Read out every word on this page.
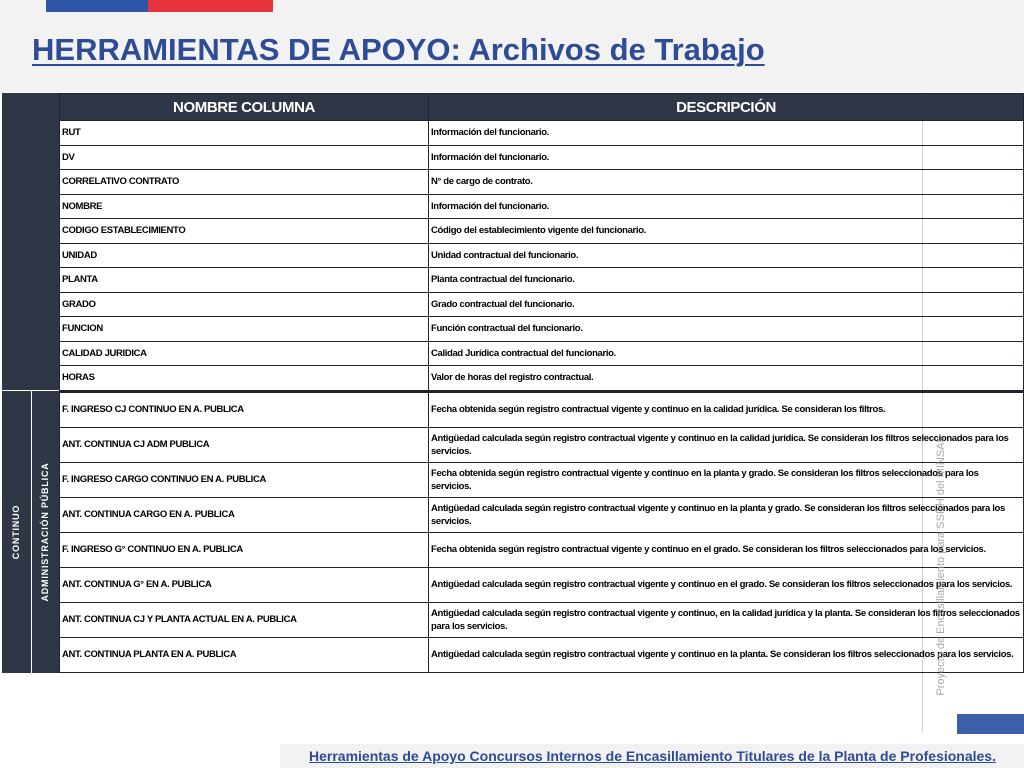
HERRAMIENTAS DE APOYO: Archivos de Trabajo
CONTINUO ADMINISTRACIÓN PÚBLICA
NOMBRE COLUMNA	DESCRIPCIÓN
RUT	Información del funcionario.
DV	Información del funcionario.
CORRELATIVO CONTRATO	N° de cargo de contrato.
NOMBRE	Información del funcionario.
CODIGO ESTABLECIMIENTO	Código del establecimiento vigente del funcionario.
UNIDAD	Unidad contractual del funcionario.
PLANTA	Planta contractual del funcionario.
GRADO	Grado contractual del funcionario.
FUNCION	Función contractual del funcionario.
CALIDAD JURIDICA	Calidad Jurídica contractual del funcionario.
HORAS	Valor de horas del registro contractual.
F. INGRESO CJ CONTINUO EN A. PUBLICA	Fecha obtenida según registro contractual vigente y continuo en la calidad jurídica. Se consideran los filtros.
ANT. CONTINUA CJ ADM PUBLICA	Antigüedad calculada según registro contractual vigente y continuo en la calidad jurídica. Se consideran los filtros seleccionados para los servicios.
F. INGRESO CARGO CONTINUO EN A. PUBLICA	Fecha obtenida según registro contractual vigente y continuo en la planta y grado. Se consideran los filtros seleccionados para los servicios.
ANT. CONTINUA CARGO EN A. PUBLICA	Antigüedad calculada según registro contractual vigente y continuo en la planta y grado. Se consideran los filtros seleccionados para los servicios.
F. INGRESO G° CONTINUO EN A. PUBLICA	Fecha obtenida según registro contractual vigente y continuo en el grado. Se consideran los filtros seleccionados para los servicios.
ANT. CONTINUA G° EN A. PUBLICA	Antigüedad calculada según registro contractual vigente y continuo en el grado. Se consideran los filtros seleccionados para los servicios.
ANT. CONTINUA CJ Y PLANTA ACTUAL EN A. PUBLICA	Antigüedad calculada según registro contractual vigente y continuo, en la calidad jurídica y la planta. Se consideran los filtros seleccionados para los servicios.
ANT. CONTINUA PLANTA EN A. PUBLICA	Antigüedad calculada según registro contractual vigente y continuo en la planta. Se consideran los filtros seleccionados para los servicios.
Proyecto de Encasillamiento para SSRH del MINSAL
Herramientas de Apoyo Concursos Internos de Encasillamiento Titulares de la Planta de Profesionales.
